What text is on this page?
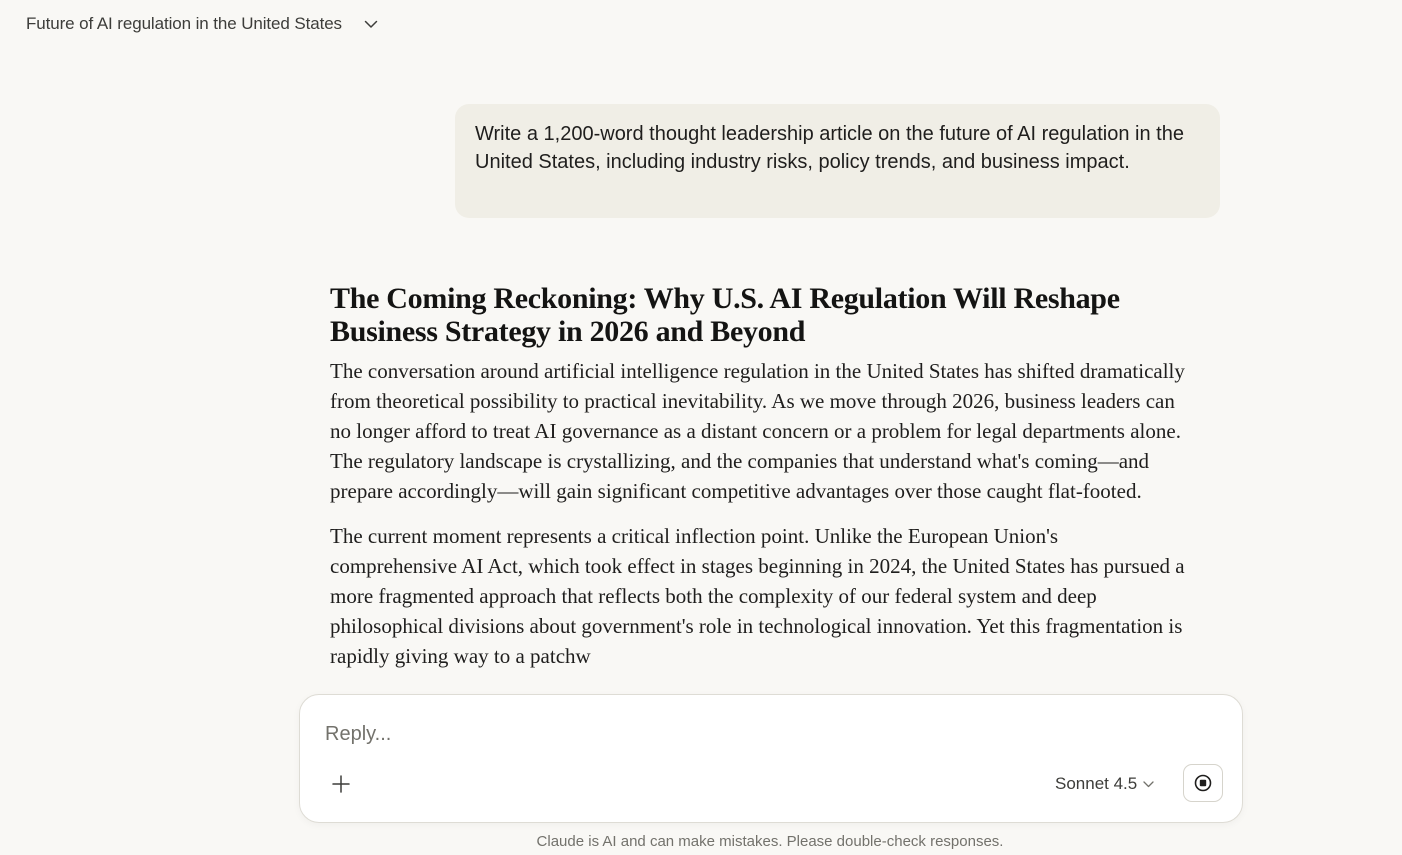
Future of AI regulation in the United States

Write a 1,200-word thought leadership article on the future of AI regulation in the United States, including industry risks, policy trends, and business impact.

The Coming Reckoning: Why U.S. AI Regulation Will Reshape Business Strategy in 2026 and Beyond

The conversation around artificial intelligence regulation in the United States has shifted dramatically from theoretical possibility to practical inevitability. As we move through 2026, business leaders can no longer afford to treat AI governance as a distant concern or a problem for legal departments alone. The regulatory landscape is crystallizing, and the companies that understand what's coming—and prepare accordingly—will gain significant competitive advantages over those caught flat-footed.

The current moment represents a critical inflection point. Unlike the European Union's comprehensive AI Act, which took effect in stages beginning in 2024, the United States has pursued a more fragmented approach that reflects both the complexity of our federal system and deep philosophical divisions about government's role in technological innovation. Yet this fragmentation is rapidly giving way to a patchw

Reply...
Sonnet 4.5
Claude is AI and can make mistakes. Please double-check responses.
